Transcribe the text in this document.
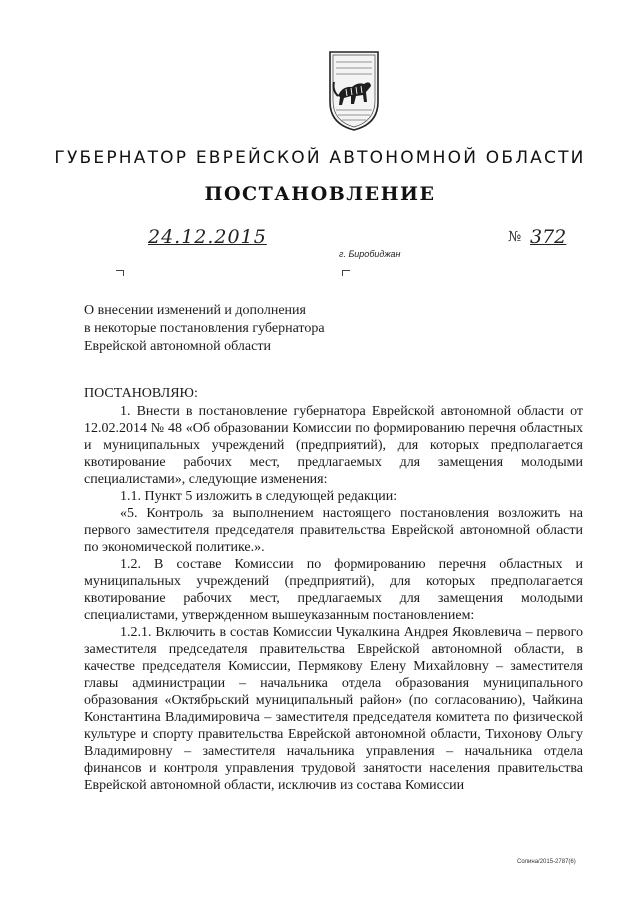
ГУБЕРНАТОР ЕВРЕЙСКОЙ АВТОНОМНОЙ ОБЛАСТИ
ПОСТАНОВЛЕНИЕ
24.12.2015	№ 372
г. Биробиджан
О внесении изменений и дополнения
в некоторые постановления губернатора
Еврейской автономной области
ПОСТАНОВЛЯЮ:

1. Внести в постановление губернатора Еврейской автономной области от 12.02.2014 № 48 «Об образовании Комиссии по формированию перечня областных и муниципальных учреждений (предприятий), для которых предполагается квотирование рабочих мест, предлагаемых для замещения молодыми специалистами», следующие изменения:

1.1. Пункт 5 изложить в следующей редакции:

«5. Контроль за выполнением настоящего постановления возложить на первого заместителя председателя правительства Еврейской автономной области по экономической политике.».

1.2. В составе Комиссии по формированию перечня областных и муниципальных учреждений (предприятий), для которых предполагается квотирование рабочих мест, предлагаемых для замещения молодыми специалистами, утвержденном вышеуказанным постановлением:

1.2.1. Включить в состав Комиссии Чукалкина Андрея Яковлевича – первого заместителя председателя правительства Еврейской автономной области, в качестве председателя Комиссии, Пермякову Елену Михайловну – заместителя главы администрации – начальника отдела образования муниципального образования «Октябрьский муниципальный район» (по согласованию), Чайкина Константина Владимировича – заместителя председателя комитета по физической культуре и спорту правительства Еврейской автономной области, Тихонову Ольгу Владимировну – заместителя начальника управления – начальника отдела финансов и контроля управления трудовой занятости населения правительства Еврейской автономной области, исключив из состава Комиссии

Солина/2015-2787(6)
